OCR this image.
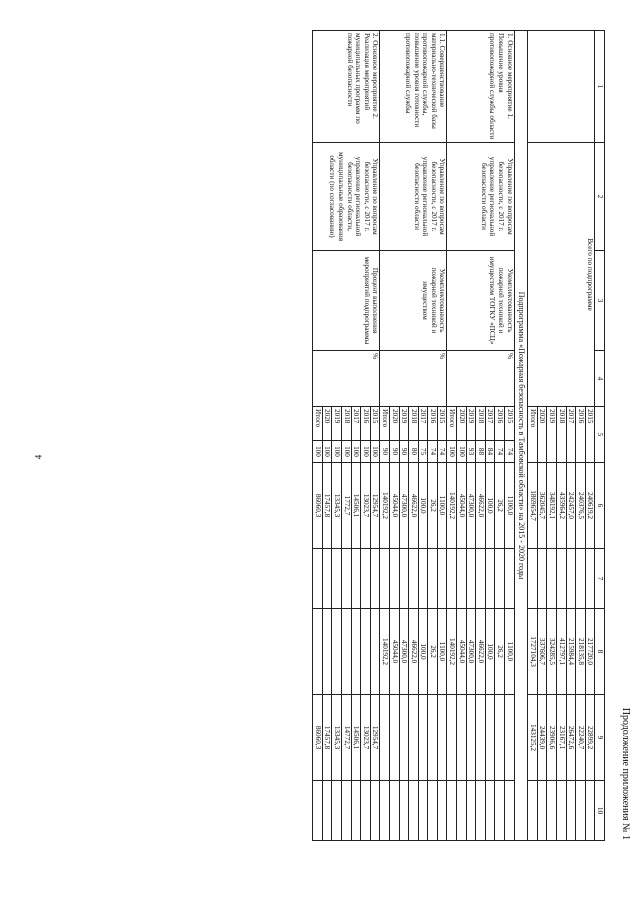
4
Продолжение приложения № 1
1	2	3	4	5		6	7	8	9	10
	Всего по подпрограмме			2015		240619,2		217720,0	22899,2	
				2016		240376,5		218135,8	22240,7	
				2017		242457,0		215984,4	26472,6	
				2018		435964,2		412797,1	23167,1	
				2019		348192,1		324285,5	23906,6	
				2020		362045,7		337606,7	24439,0	
				Итого		1869654,7		1727104,3	143125,2	
Подпрограмма «Пожарная безопасность в Тамбовской области» на 2015 - 2020 годы										
1. Основное мероприятие 1. Повышение уровня противопожарной службы области	Управление по вопросам безопасности, с 2017 г. управление региональной безопасности области	Укомплектованность пожарной техникой и имуществом ТОГКУ «ПСЦ»	%	2015	74	1100,0		1100,0		
				2016	74	26,2		26,2		
				2017	84	100,0		100,0		
				2018	88	46622,0		46622,0		
				2019	93	47300,0		47300,0		
				2020	100	45044,0		45044,0		
				Итого	100	140192,2		140192,2		
1.1. Совершенствование материально-технической базы противопожарной службы, повышение уровня готовности противопожарной службы	Управление по вопросам безопасности, с 2017 г. управление региональной безопасности области	Укомплектованность пожарной техникой и имуществом	%	2015	74	1100,0		1100,0		
				2016	74	26,2		26,2		
				2017	75	100,0		100,0		
				2018	80	46622,0		46622,0		
				2019	90	47300,0		47300,0		
				2020	90	45044,0		45044,0		
				Итого	90	140192,2		140192,2		
2. Основное мероприятие 2. Реализация мероприятий муниципальных программ по пожарной безопасности	Управление по вопросам безопасности, с 2017 г. управление региональной безопасности области, муниципальные образования области (по согласованию)	Процент выполнения мероприятий подпрограммы	%	2015	100	12954,7			12954,7	
				2016	100	13023,7			13023,7	
				2017	100	14506,1			14506,1	
				2018	100	1772,7			14772,7	
				2019	100	13345,3			13345,3	
				2020	100	17457,8			17457,8	
				Итого	100	86060,3			86060,3	
